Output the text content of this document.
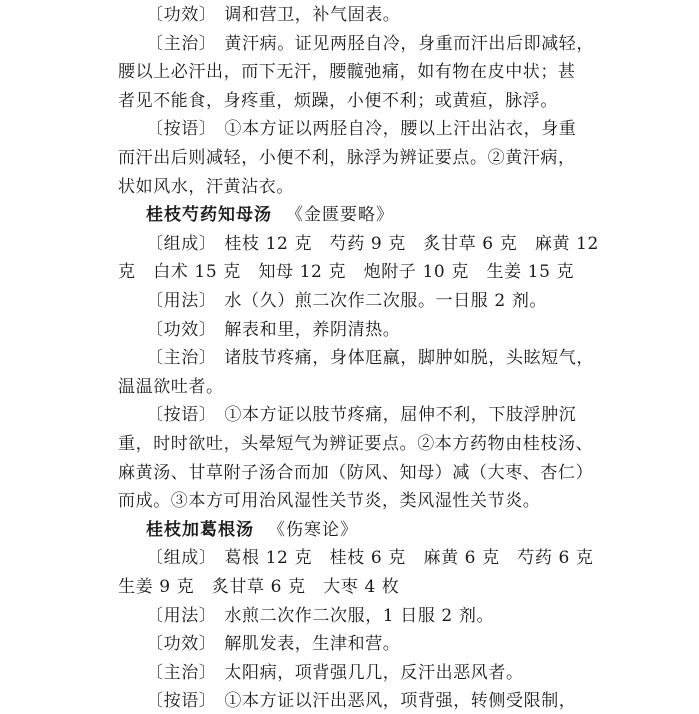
〔功效〕 调和营卫，补气固表。
〔主治〕 黄汗病。证见两胫自冷，身重而汗出后即减轻，
腰以上必汗出，而下无汗，腰髋弛痛，如有物在皮中状；甚
者见不能食，身疼重，烦躁，小便不利；或黄疸，脉浮。
〔按语〕 ①本方证以两胫自冷，腰以上汗出沾衣，身重
而汗出后则减轻，小便不利，脉浮为辨证要点。②黄汗病，
状如风水，汗黄沾衣。
桂枝芍药知母汤 《金匮要略》
〔组成〕 桂枝 12 克　芍药 9 克　炙甘草 6 克　麻黄 12
克　白术 15 克　知母 12 克　炮附子 10 克　生姜 15 克
〔用法〕 水（久）煎二次作二次服。一日服 2 剂。
〔功效〕 解表和里，养阴清热。
〔主治〕 诸肢节疼痛，身体尫羸，脚肿如脱，头眩短气，
温温欲吐者。
〔按语〕 ①本方证以肢节疼痛，屈伸不利，下肢浮肿沉
重，时时欲吐，头晕短气为辨证要点。②本方药物由桂枝汤、
麻黄汤、甘草附子汤合而加（防风、知母）减（大枣、杏仁）
而成。③本方可用治风湿性关节炎，类风湿性关节炎。
桂枝加葛根汤 《伤寒论》
〔组成〕 葛根 12 克　桂枝 6 克　麻黄 6 克　芍药 6 克
生姜 9 克　炙甘草 6 克　大枣 4 枚
〔用法〕 水煎二次作二次服，1 日服 2 剂。
〔功效〕 解肌发表，生津和营。
〔主治〕 太阳病，项背强几几，反汗出恶风者。
〔按语〕 ①本方证以汗出恶风，项背强，转侧受限制，
